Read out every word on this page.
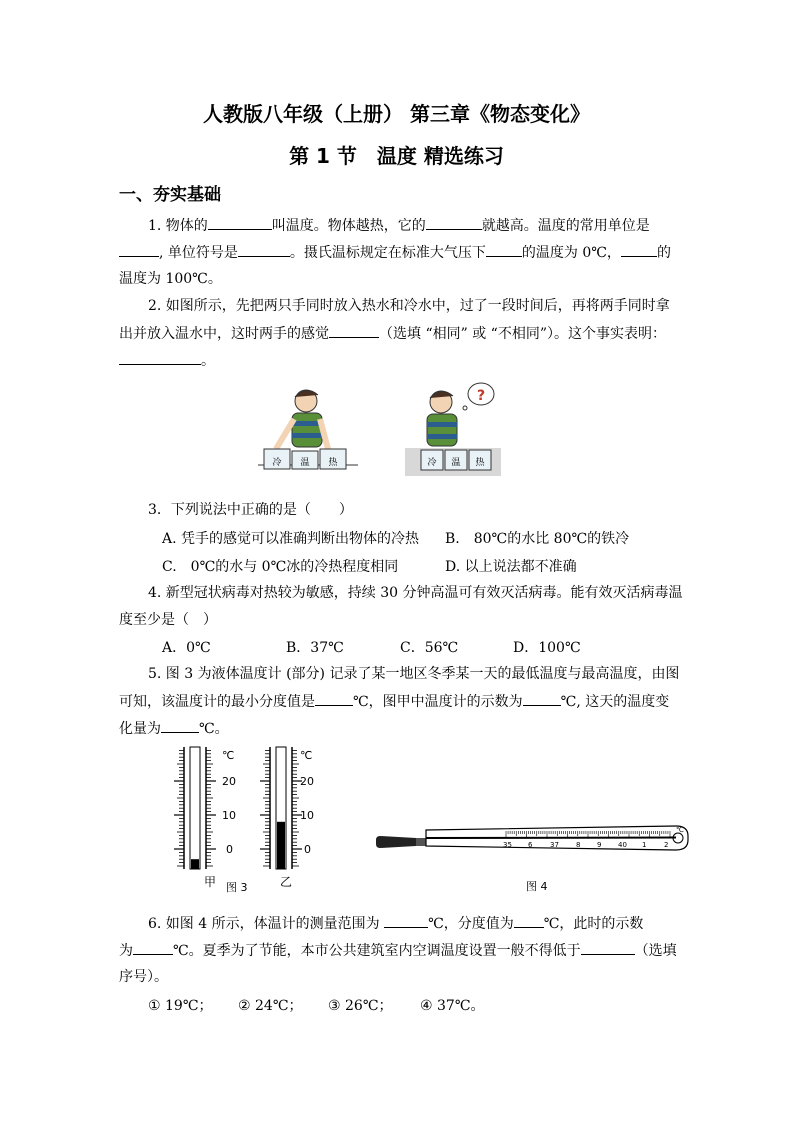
人教版八年级（上册） 第三章《物态变化》
第 1 节　温度 精选练习
一、夯实基础
1. 物体的	叫温度。物体越热，它的	就越高。温度的常用单位是
, 单位符号是	。摄氏温标规定在标准大气压下	的温度为 0℃，	的
温度为 100℃。
2. 如图所示，先把两只手同时放入热水和冷水中，过了一段时间后，再将两手同时拿
出并放入温水中，这时两手的感觉	（选填 “相同” 或 “不相同”）。这个事实表明：
。
冷 温 热
?
冷 温 热
3．下列说法中正确的是（　　）
A. 凭手的感觉可以准确判断出物体的冷热 B.　80℃的水比 80℃的铁冷
C.　0℃的水与 0℃冰的冷热程度相同	D. 以上说法都不准确
4. 新型冠状病毒对热较为敏感，持续 30 分钟高温可有效灭活病毒。能有效灭活病毒温
度至少是（　）
A．0℃	B．37℃	C．56℃	D．100℃
5. 图 3 为液体温度计 (部分) 记录了某一地区冬季某一天的最低温度与最高温度，由图
可知，该温度计的最小分度值是	℃，图甲中温度计的示数为	℃, 这天的温度变
化量为	℃。
℃
20
10
0
℃
20
10
0
甲 图 3	乙
35 6	37 8 9 40 1	2
℃
图 4
6. 如图 4 所示，体温计的测量范围为	℃，分度值为 ℃，此时的示数
为	℃。夏季为了节能，本市公共建筑室内空调温度设置一般不得低于	（选填
序号）。
① 19℃； ② 24℃； ③ 26℃； ④ 37℃。
